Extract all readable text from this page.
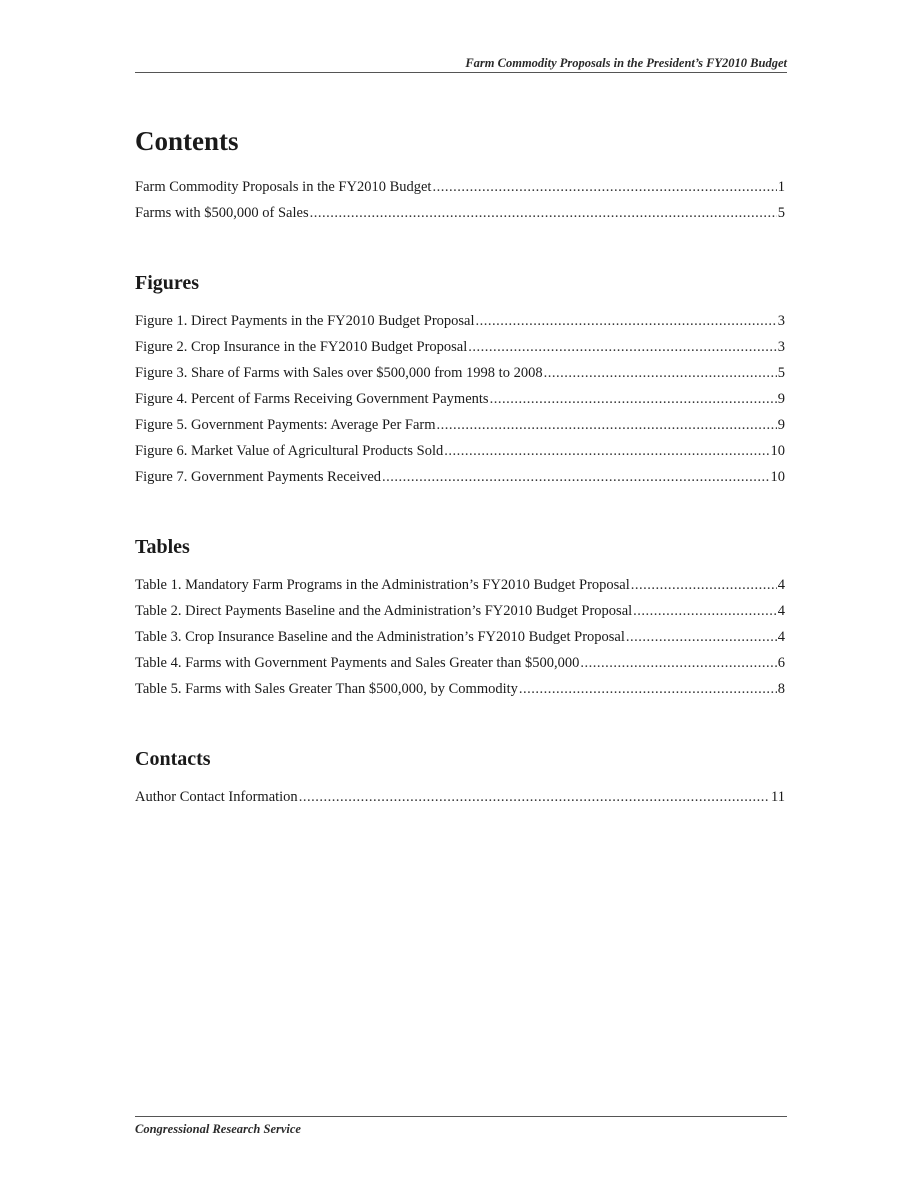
Farm Commodity Proposals in the President’s FY2010 Budget
Contents
Farm Commodity Proposals in the FY2010 Budget .....	1
Farms with $500,000 of Sales .....	5
Figures
Figure 1. Direct Payments in the FY2010 Budget Proposal .....	3
Figure 2. Crop Insurance in the FY2010 Budget Proposal .....	3
Figure 3. Share of Farms with Sales over $500,000 from 1998 to 2008 .....	5
Figure 4. Percent of Farms Receiving Government Payments .....	9
Figure 5. Government Payments: Average Per Farm .....	9
Figure 6. Market Value of Agricultural Products Sold .....	10
Figure 7. Government Payments Received .....	10
Tables
Table 1. Mandatory Farm Programs in the Administration’s FY2010 Budget Proposal .....	4
Table 2. Direct Payments Baseline and the Administration’s FY2010 Budget Proposal .....	4
Table 3. Crop Insurance Baseline and the Administration’s FY2010 Budget Proposal .....	4
Table 4. Farms with Government Payments and Sales Greater than $500,000 .....	6
Table 5. Farms with Sales Greater Than $500,000, by Commodity .....	8
Contacts
Author Contact Information .....	11
Congressional Research Service
